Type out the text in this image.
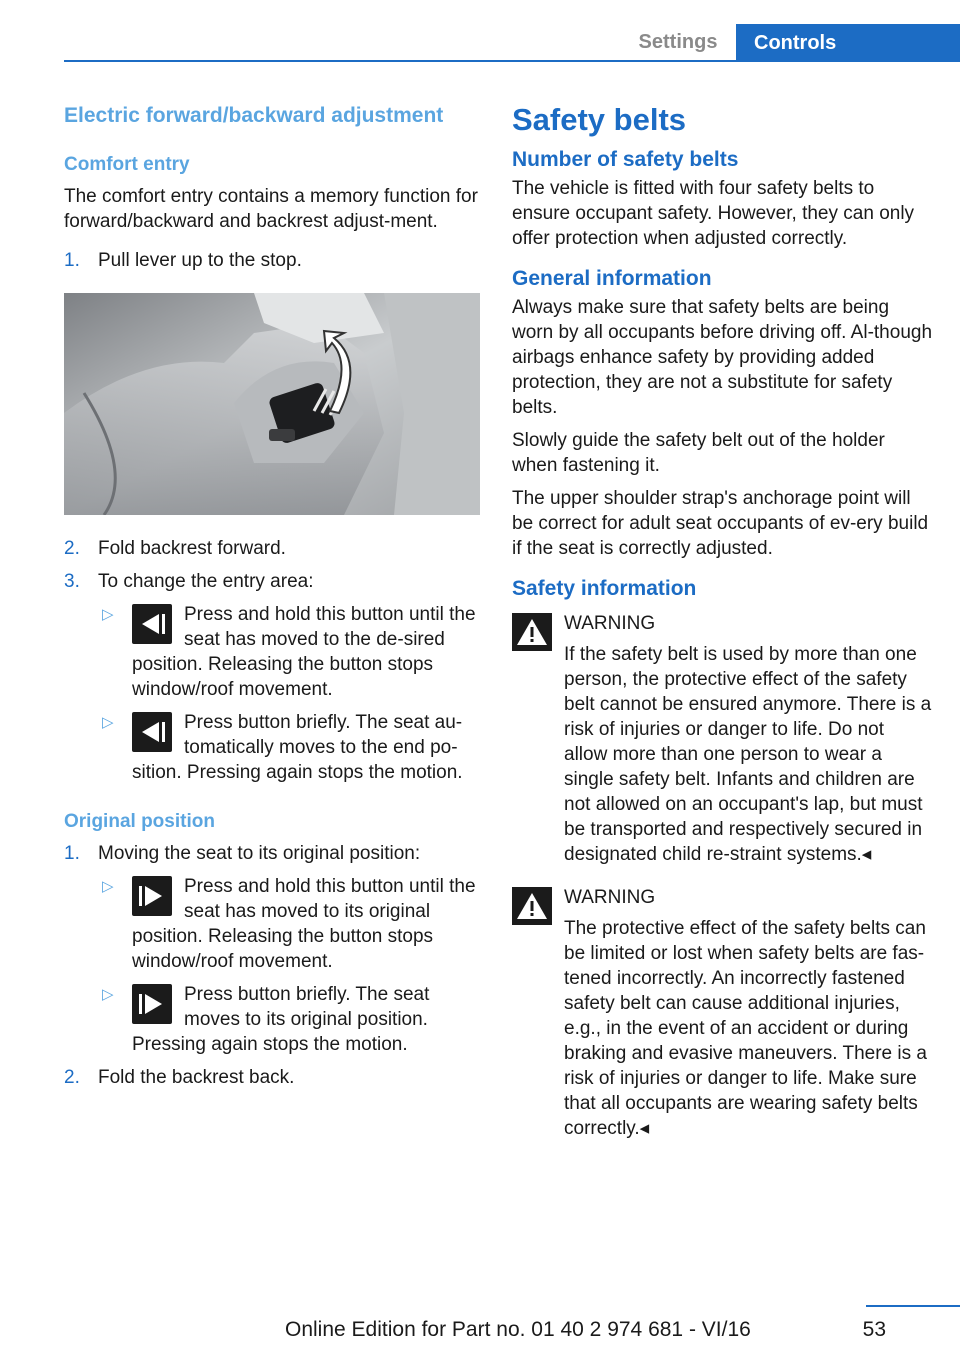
Settings	Controls
Electric forward/backward adjustment
Comfort entry

The comfort entry contains a memory function for forward/backward and backrest adjust-ment.

1. Pull lever up to the stop.
2. Fold backrest forward.
3. To change the entry area:
▷	Press and hold this button until the seat has moved to the de-sired position. Releasing the button stops window/roof movement.
▷	Press button briefly. The seat au-tomatically moves to the end po-sition. Pressing again stops the motion.
Original position
1. Moving the seat to its original position:
▷	Press and hold this button until the seat has moved to its original position. Releasing the button stops window/roof movement.
▷	Press button briefly. The seat moves to its original position. Pressing again stops the motion.
2. Fold the backrest back.
Safety belts
Number of safety belts

The vehicle is fitted with four safety belts to ensure occupant safety. However, they can only offer protection when adjusted correctly.

General information

Always make sure that safety belts are being worn by all occupants before driving off. Al-though airbags enhance safety by providing added protection, they are not a substitute for safety belts.

Slowly guide the safety belt out of the holder when fastening it.

The upper shoulder strap's anchorage point will be correct for adult seat occupants of ev-ery build if the seat is correctly adjusted.

Safety information
WARNING
If the safety belt is used by more than one person, the protective effect of the safety belt cannot be ensured anymore. There is a risk of injuries or danger to life. Do not allow more than one person to wear a single safety belt. Infants and children are not allowed on an occupant's lap, but must be transported and respectively secured in designated child re-straint systems.◂
WARNING
The protective effect of the safety belts can be limited or lost when safety belts are fas-tened incorrectly. An incorrectly fastened safety belt can cause additional injuries, e.g., in the event of an accident or during braking and evasive maneuvers. There is a risk of injuries or danger to life. Make sure that all occupants are wearing safety belts correctly.◂
53
Online Edition for Part no. 01 40 2 974 681 - VI/16
